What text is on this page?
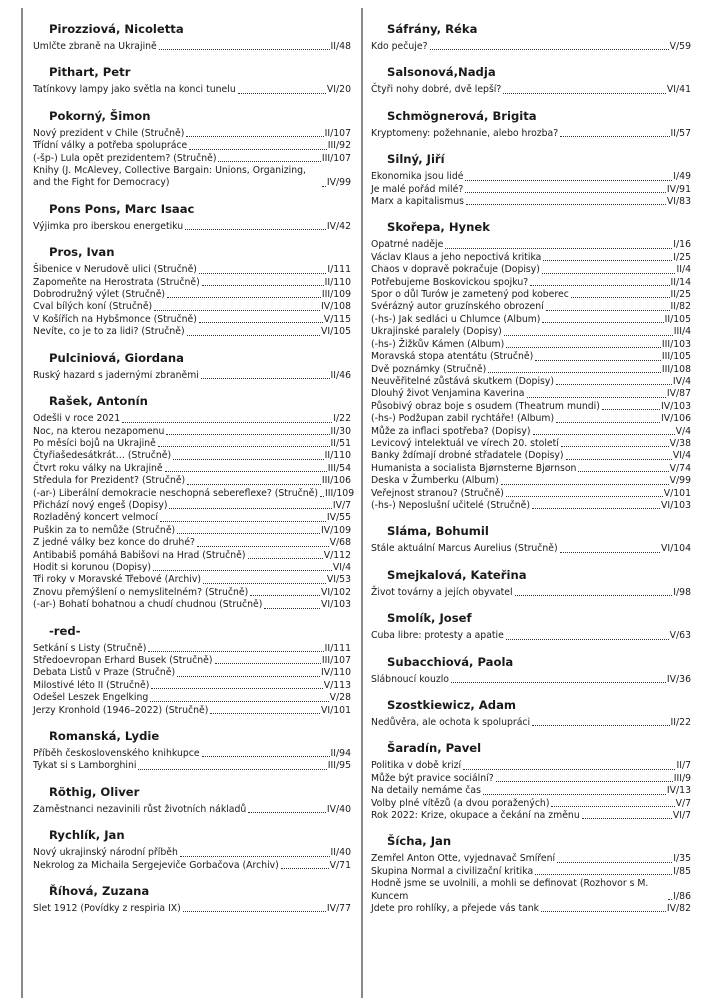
Pirozziová, Nicoletta
Umlčte zbraně na Ukrajině	II/48
Pithart, Petr
Tatínkovy lampy jako světla na konci tunelu	VI/20
Pokorný, Šimon
Nový prezident v Chile (Stručně)	II/107
Třídní války a potřeba spolupráce	III/92
(-šp-) Lula opět prezidentem? (Stručně)	III/107
Knihy (J. McAlevey, Collective Bargain: Unions, Organizing, and the Fight for Democracy)	IV/99
Pons Pons, Marc Isaac
Výjimka pro iberskou energetiku	IV/42
Pros, Ivan
Šibenice v Nerudově ulici (Stručně)	I/111
Zapomeňte na Herostrata (Stručně)	II/110
Dobrodružný výlet (Stručně)	III/109
Cval bílých koní (Stručně)	IV/108
V Košířích na Hybšmonce (Stručně)	V/115
Nevíte, co je to za lidi? (Stručně)	VI/105
Pulciniová, Giordana
Ruský hazard s jadernými zbraněmi	II/46
Rašek, Antonín
Odešli v roce 2021	I/22
Noc, na kterou nezapomenu	II/30
Po měsíci bojů na Ukrajině	II/51
Čtyřiašedesátkrát… (Stručně)	II/110
Čtvrt roku války na Ukrajině	III/54
Středula for Prezident? (Stručně)	III/106
(-ar-) Liberální demokracie neschopná sebereflexe? (Stručně) III/109
Přichází nový engeš (Dopisy)	IV/7
Rozladěný koncert velmocí	IV/55
Puškin za to nemůže (Stručně)	IV/109
Z jedné války bez konce do druhé?	V/68
Antibabiš pomáhá Babišovi na Hrad (Stručně)	V/112
Hodit si korunou (Dopisy)	VI/4
Tři roky v Moravské Třebové (Archiv)	VI/53
Znovu přemýšlení o nemyslitelném? (Stručně)	VI/102
(-ar-) Bohatí bohatnou a chudí chudnou (Stručně)	VI/103
-red-
Setkání s Listy (Stručně)	II/111
Středoevropan Erhard Busek (Stručně)	III/107
Debata Listů v Praze (Stručně)	IV/110
Milostivé léto II (Stručně)	V/113
Odešel Leszek Engelking	V/28
Jerzy Kronhold (1946–2022) (Stručně)	VI/101
Romanská, Lydie
Příběh československého knihkupce	II/94
Tykat si s Lamborghini	III/95
Röthig, Oliver
Zaměstnanci nezavinili růst životních nákladů	IV/40
Rychlík, Jan
Nový ukrajinský národní příběh	II/40
Nekrolog za Michaila Sergejeviče Gorbačova (Archiv)	V/71
Říhová, Zuzana
Slet 1912 (Povídky z respiria IX)	IV/77
Sáfrány, Réka
Kdo pečuje?	V/59
Salsonová,Nadja
Čtyři nohy dobré, dvě lepší?	VI/41
Schmögnerová, Brigita
Kryptomeny: požehnanie, alebo hrozba?	II/57
Silný, Jiří
Ekonomika jsou lidé	I/49
Je malé pořád milé?	IV/91
Marx a kapitalismus	VI/83
Skořepa, Hynek
Opatrné naděje	I/16
Václav Klaus a jeho nepoctivá kritika	I/25
Chaos v dopravě pokračuje (Dopisy)	II/4
Potřebujeme Boskovickou spojku?	II/14
Spor o důl Turów je zametený pod koberec	II/25
Svérázný autor gruzínského obrození	II/82
(-hs-) Jak sedláci u Chlumce (Album)	II/105
Ukrajinské paralely (Dopisy)	III/4
(-hs-) Žižkův Kámen (Album)	III/103
Moravská stopa atentátu (Stručně)	III/105
Dvě poznámky (Stručně)	III/108
Neuvěřitelné zůstává skutkem (Dopisy)	IV/4
Dlouhý život Venjamina Kaverina	IV/87
Působivý obraz boje s osudem (Theatrum mundi)	IV/103
(-hs-) Podžupan zabil rychtáře! (Album)	IV/106
Může za inflaci spotřeba? (Dopisy)	V/4
Levicový intelektuál ve vírech 20. století	V/38
Banky ždímají drobné střadatele (Dopisy)	VI/4
Humanista a socialista Bjørnsterne Bjørnson	V/74
Deska v Žumberku (Album)	V/99
Veřejnost stranou? (Stručně)	V/101
(-hs-) Neposlušní učitelé (Stručně)	VI/103
Sláma, Bohumil
Stále aktuální Marcus Aurelius (Stručně)	VI/104
Smejkalová, Kateřina
Život továrny a jejích obyvatel	I/98
Smolík, Josef
Cuba libre: protesty a apatie	V/63
Subacchiová, Paola
Slábnoucí kouzlo	IV/36
Szostkiewicz, Adam
Nedůvěra, ale ochota k spolupráci	II/22
Šaradín, Pavel
Politika v době krizí	II/7
Může být pravice sociální?	III/9
Na detaily nemáme čas	IV/13
Volby plné vítězů (a dvou poražených)	V/7
Rok 2022: Krize, okupace a čekání na změnu	VI/7
Šícha, Jan
Zemřel Anton Otte, vyjednavač Smíření	I/35
Skupina Normal a civilizační kritika	I/85
Hodně jsme se uvolnili, a mohli se definovat (Rozhovor s M. Kuncem	I/86
Jdete pro rohlíky, a přejede vás tank	IV/82
